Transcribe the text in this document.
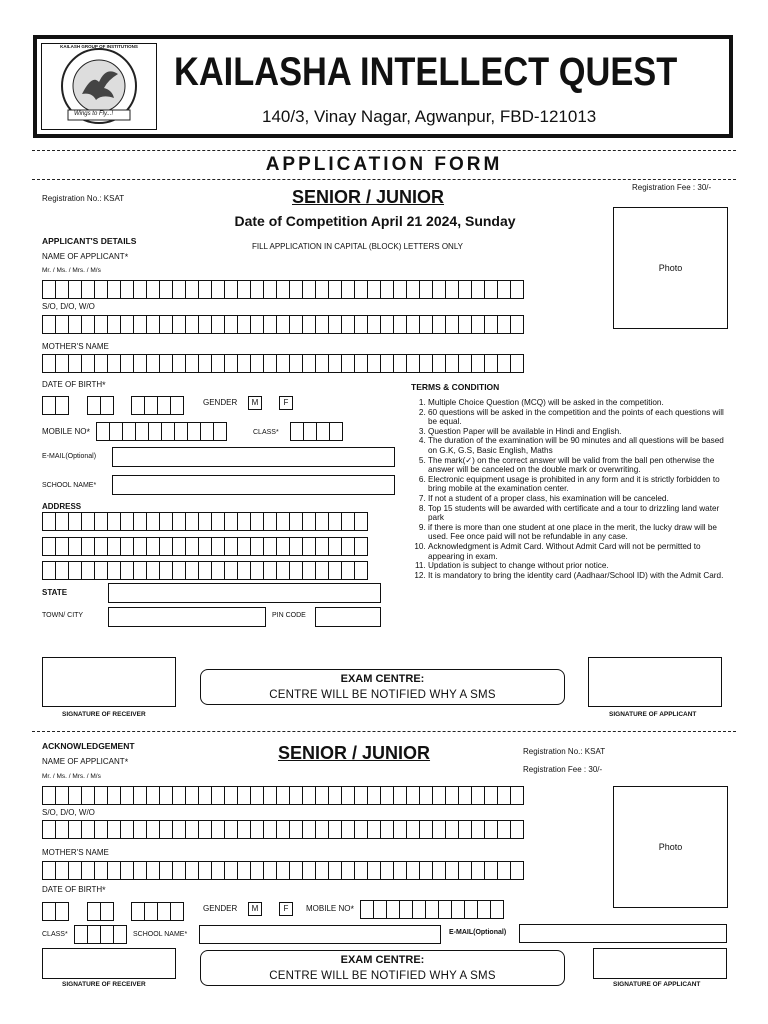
Wings to Fly...!
KAILASH GROUP OF INSTITUTIONS
KAILASHA INTELLECT QUEST
140/3, Vinay Nagar, Agwanpur, FBD-121013
APPLICATION FORM
Registration Fee : 30/-
Registration No.: KSAT	SENIOR / JUNIOR
Date of Competition April 21 2024, Sunday
Photo
APPLICANT'S DETAILS
FILL APPLICATION IN CAPITAL (BLOCK) LETTERS ONLY
NAME OF APPLICANT*
Mr. / Ms. / Mrs. / M/s
S/O, D/O, W/O
MOTHER'S NAME
DATE OF BIRTH*
GENDER	M	F
MOBILE NO*	CLASS*
E-MAIL(Optional)
SCHOOL NAME*
ADDRESS
STATE
TOWN/ CITY	PIN CODE
TERMS & CONDITION
1. Multiple Choice Question (MCQ) will be asked in the competition.
2. 60 questions will be asked in the competition and the points of each questions will be equal.
3. Question Paper will be available in Hindi and English.
4. The duration of the examination will be 90 minutes and all questions will be based on G.K, G.S, Basic English, Maths
5. The mark(✓) on the correct answer will be valid from the ball pen otherwise the answer will be canceled on the double mark or overwriting.
6. Electronic equipment usage is prohibited in any form and it is strictly forbidden to bring mobile at the examination center.
7. If not a student of a proper class, his examination will be canceled.
8. Top 15 students will be awarded with certificate and a tour to drizzling land water park
9. if there is more than one student at one place in the merit, the lucky draw will be used. Fee once paid will not be refundable in any case.
10. Acknowledgment is Admit Card. Without Admit Card will not be permitted to appearing in exam.
11. Updation is subject to change without prior notice.
12. It is mandatory to bring the identity card (Aadhaar/School ID) with the Admit Card.
SIGNATURE OF RECEIVER
EXAM CENTRE:
CENTRE WILL BE NOTIFIED WHY A SMS
SIGNATURE OF APPLICANT
ACKNOWLEDGEMENT	SENIOR / JUNIOR	Registration No.: KSAT
Registration Fee : 30/-
NAME OF APPLICANT*
Mr. / Ms. / Mrs. / M/s
S/O, D/O, W/O
Photo
MOTHER'S NAME
DATE OF BIRTH*
GENDER	M	F	MOBILE NO*
CLASS*	SCHOOL NAME*	E-MAIL(Optional)
SIGNATURE OF RECEIVER
EXAM CENTRE:
CENTRE WILL BE NOTIFIED WHY A SMS
SIGNATURE OF APPLICANT
